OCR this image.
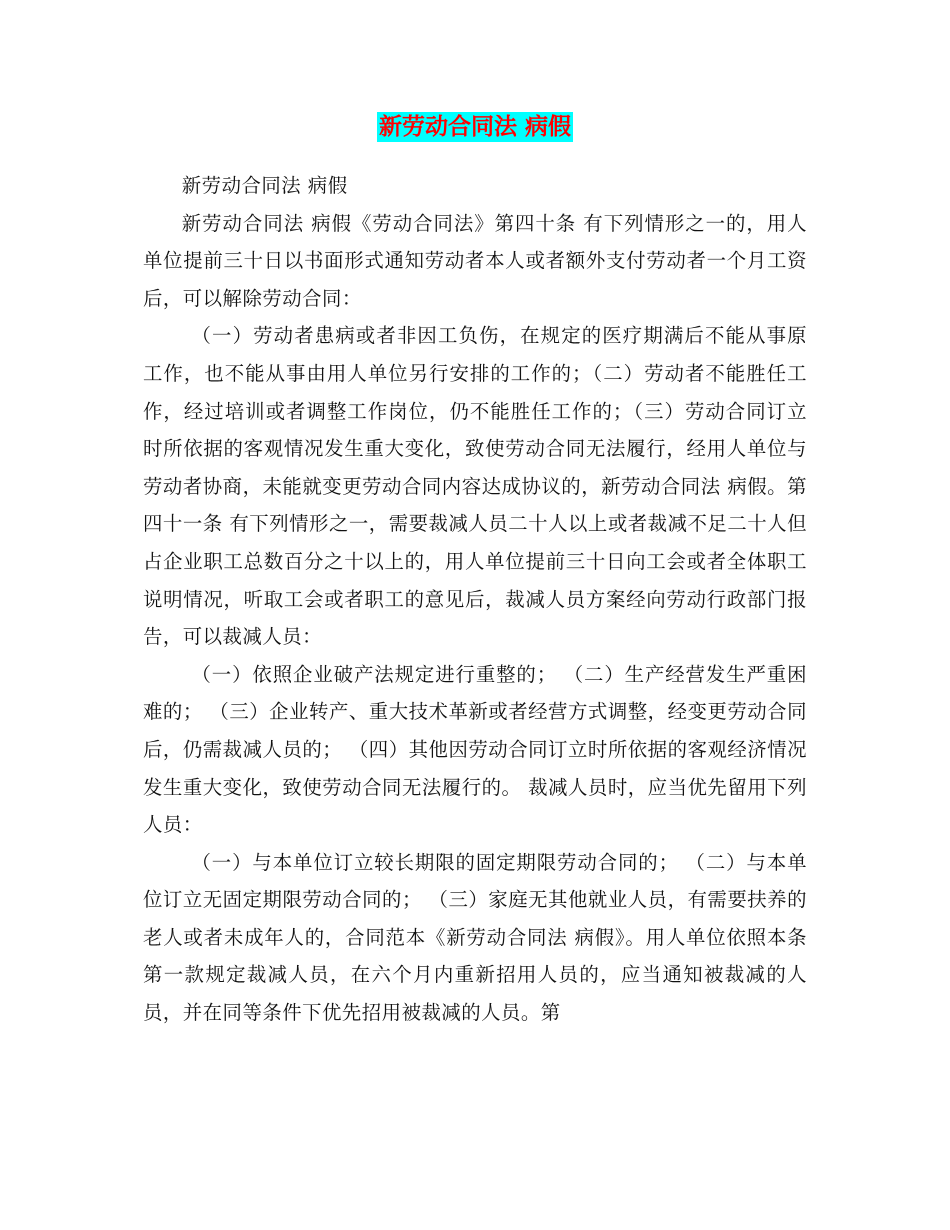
新劳动合同法 病假

新劳动合同法 病假

新劳动合同法 病假《劳动合同法》第四十条 有下列情形之一的，用人单位提前三十日以书面形式通知劳动者本人或者额外支付劳动者一个月工资后，可以解除劳动合同：

（一）劳动者患病或者非因工负伤，在规定的医疗期满后不能从事原工作，也不能从事由用人单位另行安排的工作的；（二）劳动者不能胜任工作，经过培训或者调整工作岗位，仍不能胜任工作的；（三）劳动合同订立时所依据的客观情况发生重大变化，致使劳动合同无法履行，经用人单位与劳动者协商，未能就变更劳动合同内容达成协议的，新劳动合同法 病假。第四十一条 有下列情形之一，需要裁减人员二十人以上或者裁减不足二十人但占企业职工总数百分之十以上的，用人单位提前三十日向工会或者全体职工说明情况，听取工会或者职工的意见后，裁减人员方案经向劳动行政部门报告，可以裁减人员：

（一）依照企业破产法规定进行重整的； （二）生产经营发生严重困难的； （三）企业转产、重大技术革新或者经营方式调整，经变更劳动合同后，仍需裁减人员的； （四）其他因劳动合同订立时所依据的客观经济情况发生重大变化，致使劳动合同无法履行的。 裁减人员时，应当优先留用下列人员：

（一）与本单位订立较长期限的固定期限劳动合同的； （二）与本单位订立无固定期限劳动合同的； （三）家庭无其他就业人员，有需要扶养的老人或者未成年人的，合同范本《新劳动合同法 病假》。用人单位依照本条第一款规定裁减人员，在六个月内重新招用人员的，应当通知被裁减的人员，并在同等条件下优先招用被裁减的人员。第
